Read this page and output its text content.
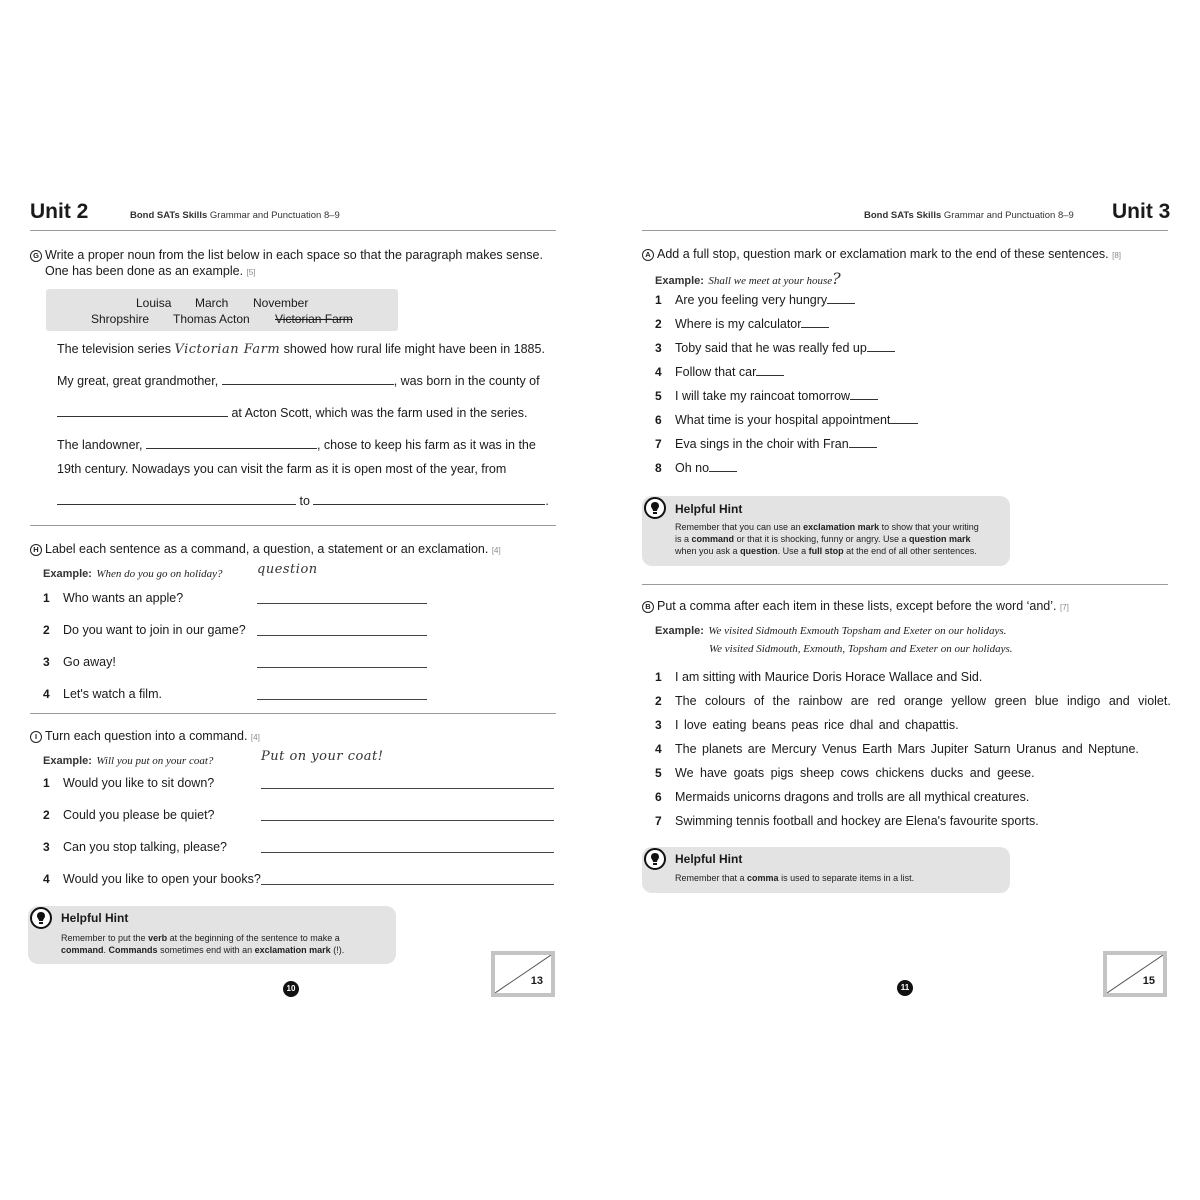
Unit 2	Bond SATs Skills Grammar and Punctuation 8–9
G Write a proper noun from the list below in each space so that the paragraph makes sense.
One has been done as an example. [5]
Louisa March November
Shropshire Thomas Acton Victorian Farm
The television series Victorian Farm showed how rural life might have been in 1885.
My great, great grandmother,	, was born in the county of
at Acton Scott, which was the farm used in the series.
The landowner,	, chose to keep his farm as it was in the
19th century. Nowadays you can visit the farm as it is open most of the year, from
to	.
H Label each sentence as a command, a question, a statement or an exclamation. [4]
Example: When do you go on holiday?	question
1 Who wants an apple?
2 Do you want to join in our game?
3 Go away!
4 Let's watch a film.
I Turn each question into a command. [4]
Example: Will you put on your coat?	Put on your coat!
1 Would you like to sit down?
2 Could you please be quiet?
3 Can you stop talking, please?
4 Would you like to open your books?
Helpful Hint
Remember to put the verb at the beginning of the sentence to make a
command. Commands sometimes end with an exclamation mark (!).
13
10
Bond SATs Skills Grammar and Punctuation 8–9 Unit 3
A Add a full stop, question mark or exclamation mark to the end of these sentences. [8]
Example: Shall we meet at your house?
1 Are you feeling very hungry
2 Where is my calculator
3 Toby said that he was really fed up
4 Follow that car
5 I will take my raincoat tomorrow
6 What time is your hospital appointment
7 Eva sings in the choir with Fran
8 Oh no
Helpful Hint
Remember that you can use an exclamation mark to show that your writing
is a command or that it is shocking, funny or angry. Use a question mark
when you ask a question. Use a full stop at the end of all other sentences.
B Put a comma after each item in these lists, except before the word ‘and’. [7]
Example: We visited Sidmouth Exmouth Topsham and Exeter on our holidays.
We visited Sidmouth, Exmouth, Topsham and Exeter on our holidays.
1	I am sitting with Maurice Doris Horace Wallace and Sid.
2 The colours of the rainbow are red orange yellow green blue indigo and violet.
3 I love eating beans peas rice dhal and chapattis.
4 The planets are Mercury Venus Earth Mars Jupiter Saturn Uranus and Neptune.
5 We have goats pigs sheep cows chickens ducks and geese.
6 Mermaids unicorns dragons and trolls are all mythical creatures.
7 Swimming tennis football and hockey are Elena's favourite sports.
Helpful Hint
Remember that a comma is used to separate items in a list.
15
11
